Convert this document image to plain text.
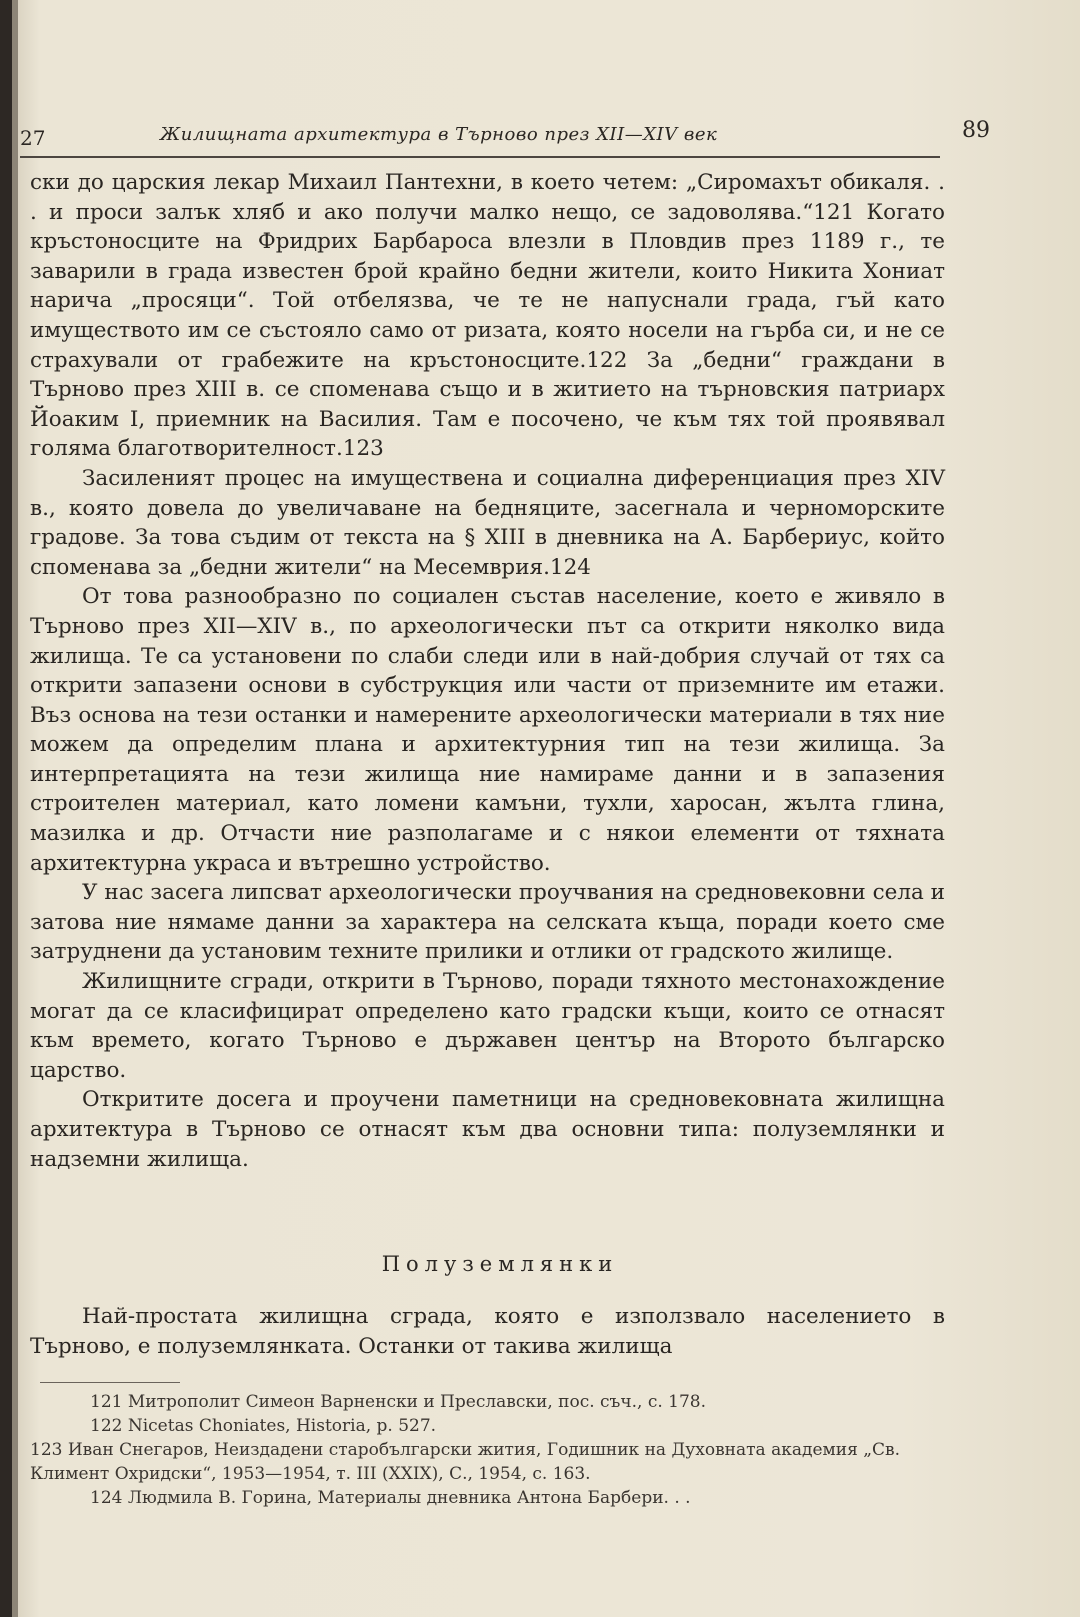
27	Жилищната архитектура в Търново през XII—XIV век	89

ски до царския лекар Михаил Пантехни, в което четем: „Сиромахът обикаля. . . и проси залък хляб и ако получи малко нещо, се задоволява.“121 Когато кръстоносците на Фридрих Барбароса влезли в Пловдив през 1189 г., те заварили в града известен брой крайно бедни жители, които Никита Хониат нарича „просяци“. Той отбелязва, че те не напуснали града, гъй като имуществото им се състояло само от ризата, която носели на гърба си, и не се страхували от грабежите на кръстоносците.122 За „бедни“ граждани в Търново през XIII в. се споменава също и в житието на търновския патриарх Йоаким I, приемник на Василия. Там е посочено, че към тях той проявявал голяма благотворителност.123

Засиленият процес на имуществена и социална диференциация през XIV в., която довела до увеличаване на бедняците, засегнала и черноморските градове. За това съдим от текста на § XIII в дневника на А. Барбериус, който споменава за „бедни жители“ на Месемврия.124

От това разнообразно по социален състав население, което е живяло в Търново през XII—XIV в., по археологически път са открити няколко вида жилища. Те са установени по слаби следи или в най-добрия случай от тях са открити запазени основи в субструкция или части от приземните им етажи. Въз основа на тези останки и намерените археологически материали в тях ние можем да определим плана и архитектурния тип на тези жилища. За интерпретацията на тези жилища ние намираме данни и в запазения строителен материал, като ломени камъни, тухли, харосан, жълта глина, мазилка и др. Отчасти ние разполагаме и с някои елементи от тяхната архитектурна украса и вътрешно устройство.

У нас засега липсват археологически проучвания на средновековни села и затова ние нямаме данни за характера на селската къща, поради което сме затруднени да установим техните прилики и отлики от градското жилище.

Жилищните сгради, открити в Търново, поради тяхното местонахождение могат да се класифицират определено като градски къщи, които се отнасят към времето, когато Търново е държавен център на Второто българско царство.

Откритите досега и проучени паметници на средновековната жилищна архитектура в Търново се отнасят към два основни типа: полуземлянки и надземни жилища.

Полуземлянки

Най-простата жилищна сграда, която е използвало населението в Търново, е полуземлянката. Останки от такива жилища

121 Митрополит Симеон Варненски и Преславски, пос. съч., с. 178.

122 Nicetas Choniates, Historia, p. 527.

123 Иван Снегаров, Неиздадени старобългарски жития, Годишник на Духовната академия „Св. Климент Охридски“, 1953—1954, т. III (XXIX), С., 1954, с. 163.

124 Людмила В. Горина, Материалы дневника Антона Барбери. . .
